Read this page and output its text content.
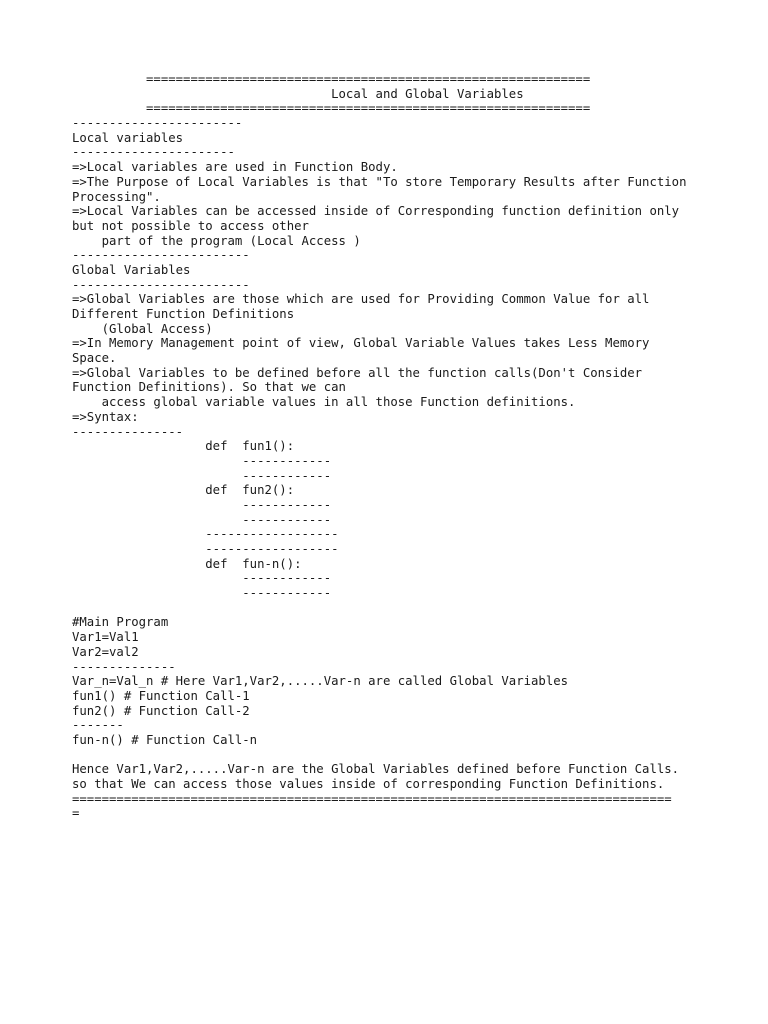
============================================================
Local and Global Variables
============================================================
-----------------------
Local variables
----------------------
=>Local variables are used in Function Body.
=>The Purpose of Local Variables is that "To store Temporary Results after Function
Processing".
=>Local Variables can be accessed inside of Corresponding function definition only
but not possible to access other
part of the program (Local Access )
------------------------
Global Variables
------------------------
=>Global Variables are those which are used for Providing Common Value for all
Different Function Definitions
(Global Access)
=>In Memory Management point of view, Global Variable Values takes Less Memory
Space.
=>Global Variables to be defined before all the function calls(Don't Consider
Function Definitions). So that we can
access global variable values in all those Function definitions.
=>Syntax:
---------------
def  fun1():
------------
------------
def  fun2():
------------
------------
------------------
------------------
def  fun-n():
------------
------------
#Main Program
Var1=Val1
Var2=val2
--------------
Var_n=Val_n # Here Var1,Var2,.....Var-n are called Global Variables
fun1() # Function Call-1
fun2() # Function Call-2
-------
fun-n() # Function Call-n
Hence Var1,Var2,.....Var-n are the Global Variables defined before Function Calls.
so that We can access those values inside of corresponding Function Definitions.
=================================================================================
=
